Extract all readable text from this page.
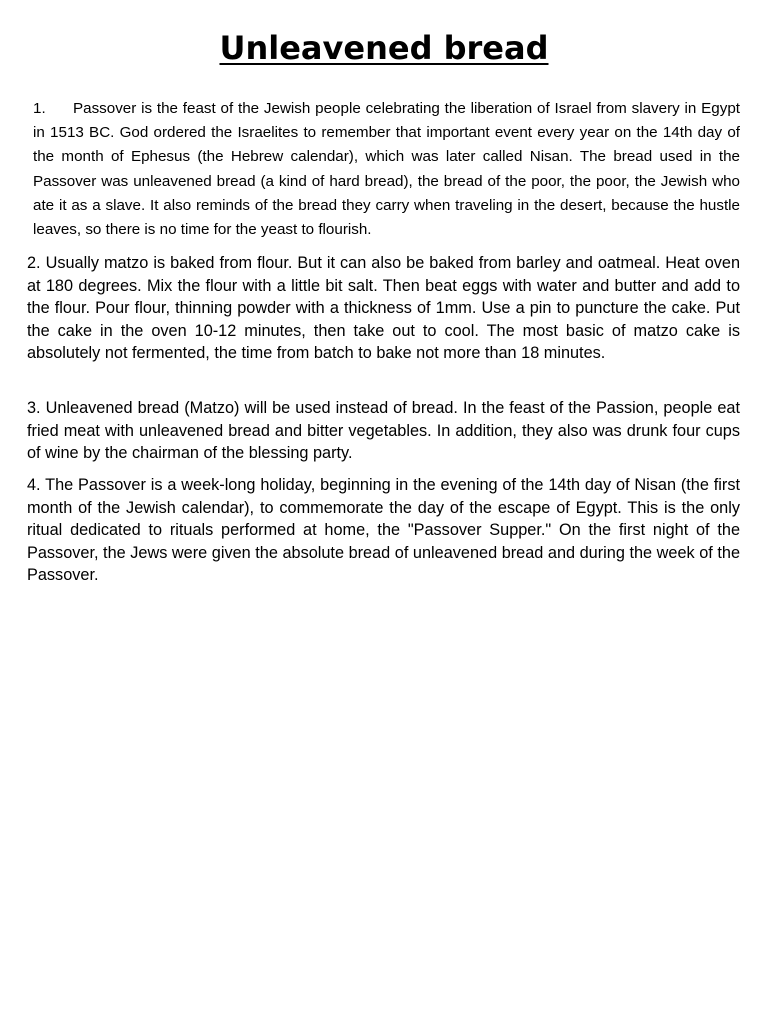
Unleavened bread

1. Passover is the feast of the Jewish people celebrating the liberation of Israel from slavery in Egypt in 1513 BC. God ordered the Israelites to remember that important event every year on the 14th day of the month of Ephesus (the Hebrew calendar), which was later called Nisan. The bread used in the Passover was unleavened bread (a kind of hard bread), the bread of the poor, the poor, the Jewish who ate it as a slave. It also reminds of the bread they carry when traveling in the desert, because the hustle leaves, so there is no time for the yeast to flourish.

2. Usually matzo is baked from flour. But it can also be baked from barley and oatmeal. Heat oven at 180 degrees. Mix the flour with a little bit salt. Then beat eggs with water and butter and add to the flour. Pour flour, thinning powder with a thickness of 1mm. Use a pin to puncture the cake. Put the cake in the oven 10-12 minutes, then take out to cool. The most basic of matzo cake is absolutely not fermented, the time from batch to bake not more than 18 minutes.

3. Unleavened bread (Matzo) will be used instead of bread. In the feast of the Passion, people eat fried meat with unleavened bread and bitter vegetables. In addition, they also was drunk four cups of wine by the chairman of the blessing party.

4. The Passover is a week-long holiday, beginning in the evening of the 14th day of Nisan (the first month of the Jewish calendar), to commemorate the day of the escape of Egypt. This is the only ritual dedicated to rituals performed at home, the "Passover Supper." On the first night of the Passover, the Jews were given the absolute bread of unleavened bread and during the week of the Passover.
